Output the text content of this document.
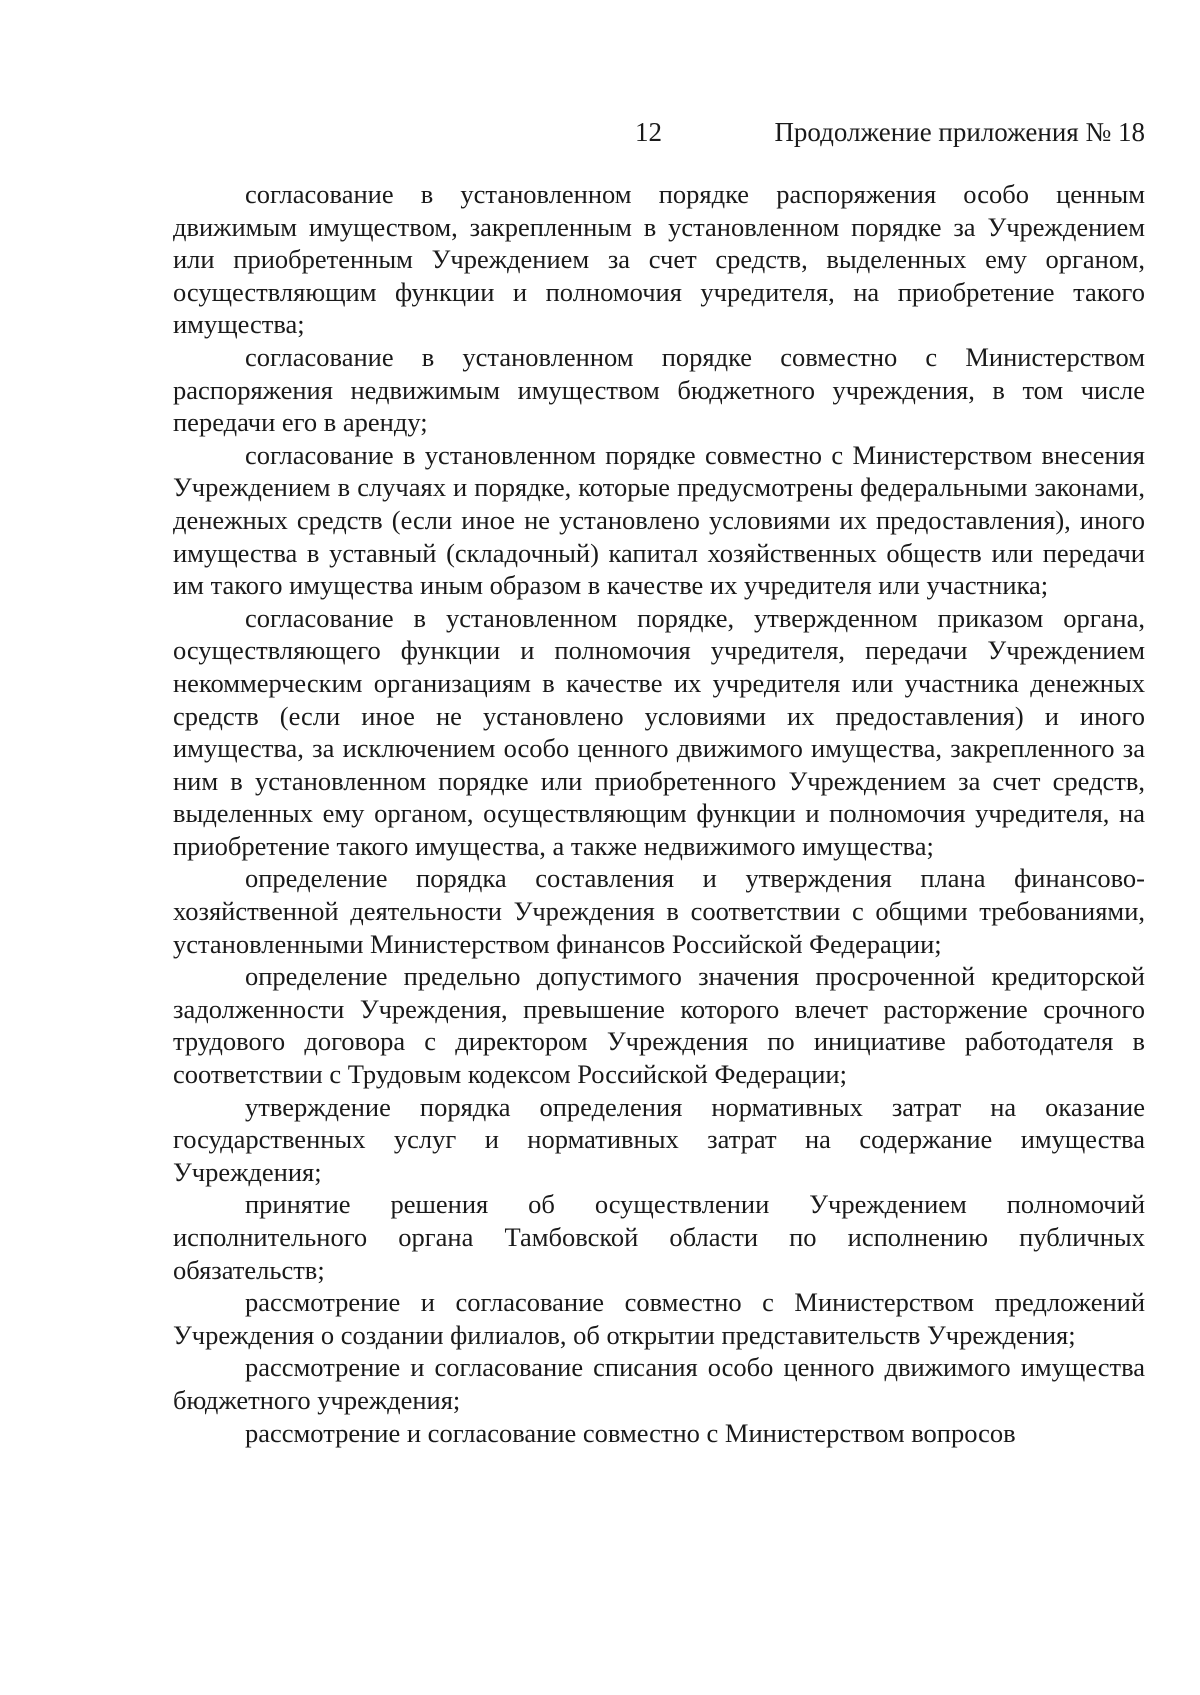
12	Продолжение приложения № 18

согласование в установленном порядке распоряжения особо ценным движимым имуществом, закрепленным в установленном порядке за Учреждением или приобретенным Учреждением за счет средств, выделенных ему органом, осуществляющим функции и полномочия учредителя, на приобретение такого имущества;

согласование в установленном порядке совместно с Министерством распоряжения недвижимым имуществом бюджетного учреждения, в том числе передачи его в аренду;

согласование в установленном порядке совместно с Министерством внесения Учреждением в случаях и порядке, которые предусмотрены федеральными законами, денежных средств (если иное не установлено условиями их предоставления), иного имущества в уставный (складочный) капитал хозяйственных обществ или передачи им такого имущества иным образом в качестве их учредителя или участника;

согласование в установленном порядке, утвержденном приказом органа, осуществляющего функции и полномочия учредителя, передачи Учреждением некоммерческим организациям в качестве их учредителя или участника денежных средств (если иное не установлено условиями их предоставления) и иного имущества, за исключением особо ценного движимого имущества, закрепленного за ним в установленном порядке или приобретенного Учреждением за счет средств, выделенных ему органом, осуществляющим функции и полномочия учредителя, на приобретение такого имущества, а также недвижимого имущества;

определение порядка составления и утверждения плана финансово-хозяйственной деятельности Учреждения в соответствии с общими требованиями, установленными Министерством финансов Российской Федерации;

определение предельно допустимого значения просроченной кредиторской задолженности Учреждения, превышение которого влечет расторжение срочного трудового договора с директором Учреждения по инициативе работодателя в соответствии с Трудовым кодексом Российской Федерации;

утверждение порядка определения нормативных затрат на оказание государственных услуг и нормативных затрат на содержание имущества Учреждения;

принятие решения об осуществлении Учреждением полномочий исполнительного органа Тамбовской области по исполнению публичных обязательств;

рассмотрение и согласование совместно с Министерством предложений Учреждения о создании филиалов, об открытии представительств Учреждения;

рассмотрение и согласование списания особо ценного движимого имущества бюджетного учреждения;

рассмотрение и согласование совместно с Министерством вопросов
